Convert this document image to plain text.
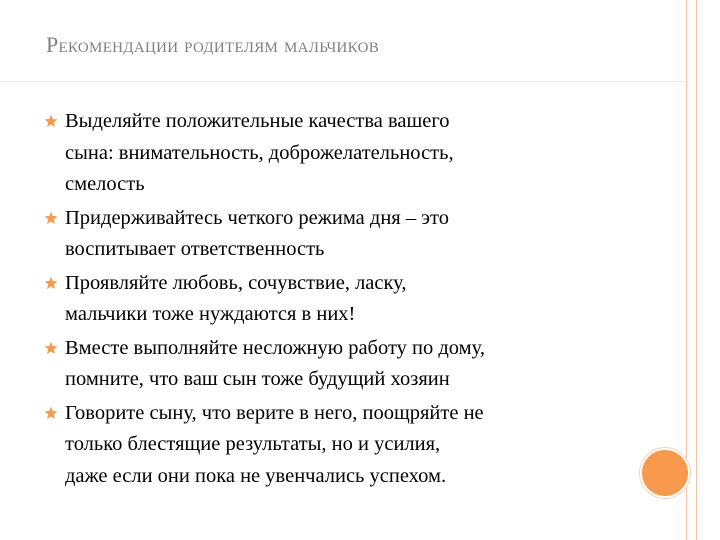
Рекомендации родителям мальчиков
Выделяйте положительные качества вашего
сына: внимательность, доброжелательность,
смелость
Придерживайтесь четкого режима дня – это
воспитывает ответственность
Проявляйте любовь, сочувствие, ласку,
мальчики тоже нуждаются в них!
Вместе выполняйте несложную работу по дому,
помните, что ваш сын тоже будущий хозяин
Говорите сыну, что верите в него, поощряйте не
только блестящие результаты, но и усилия,
даже если они пока не увенчались успехом.
